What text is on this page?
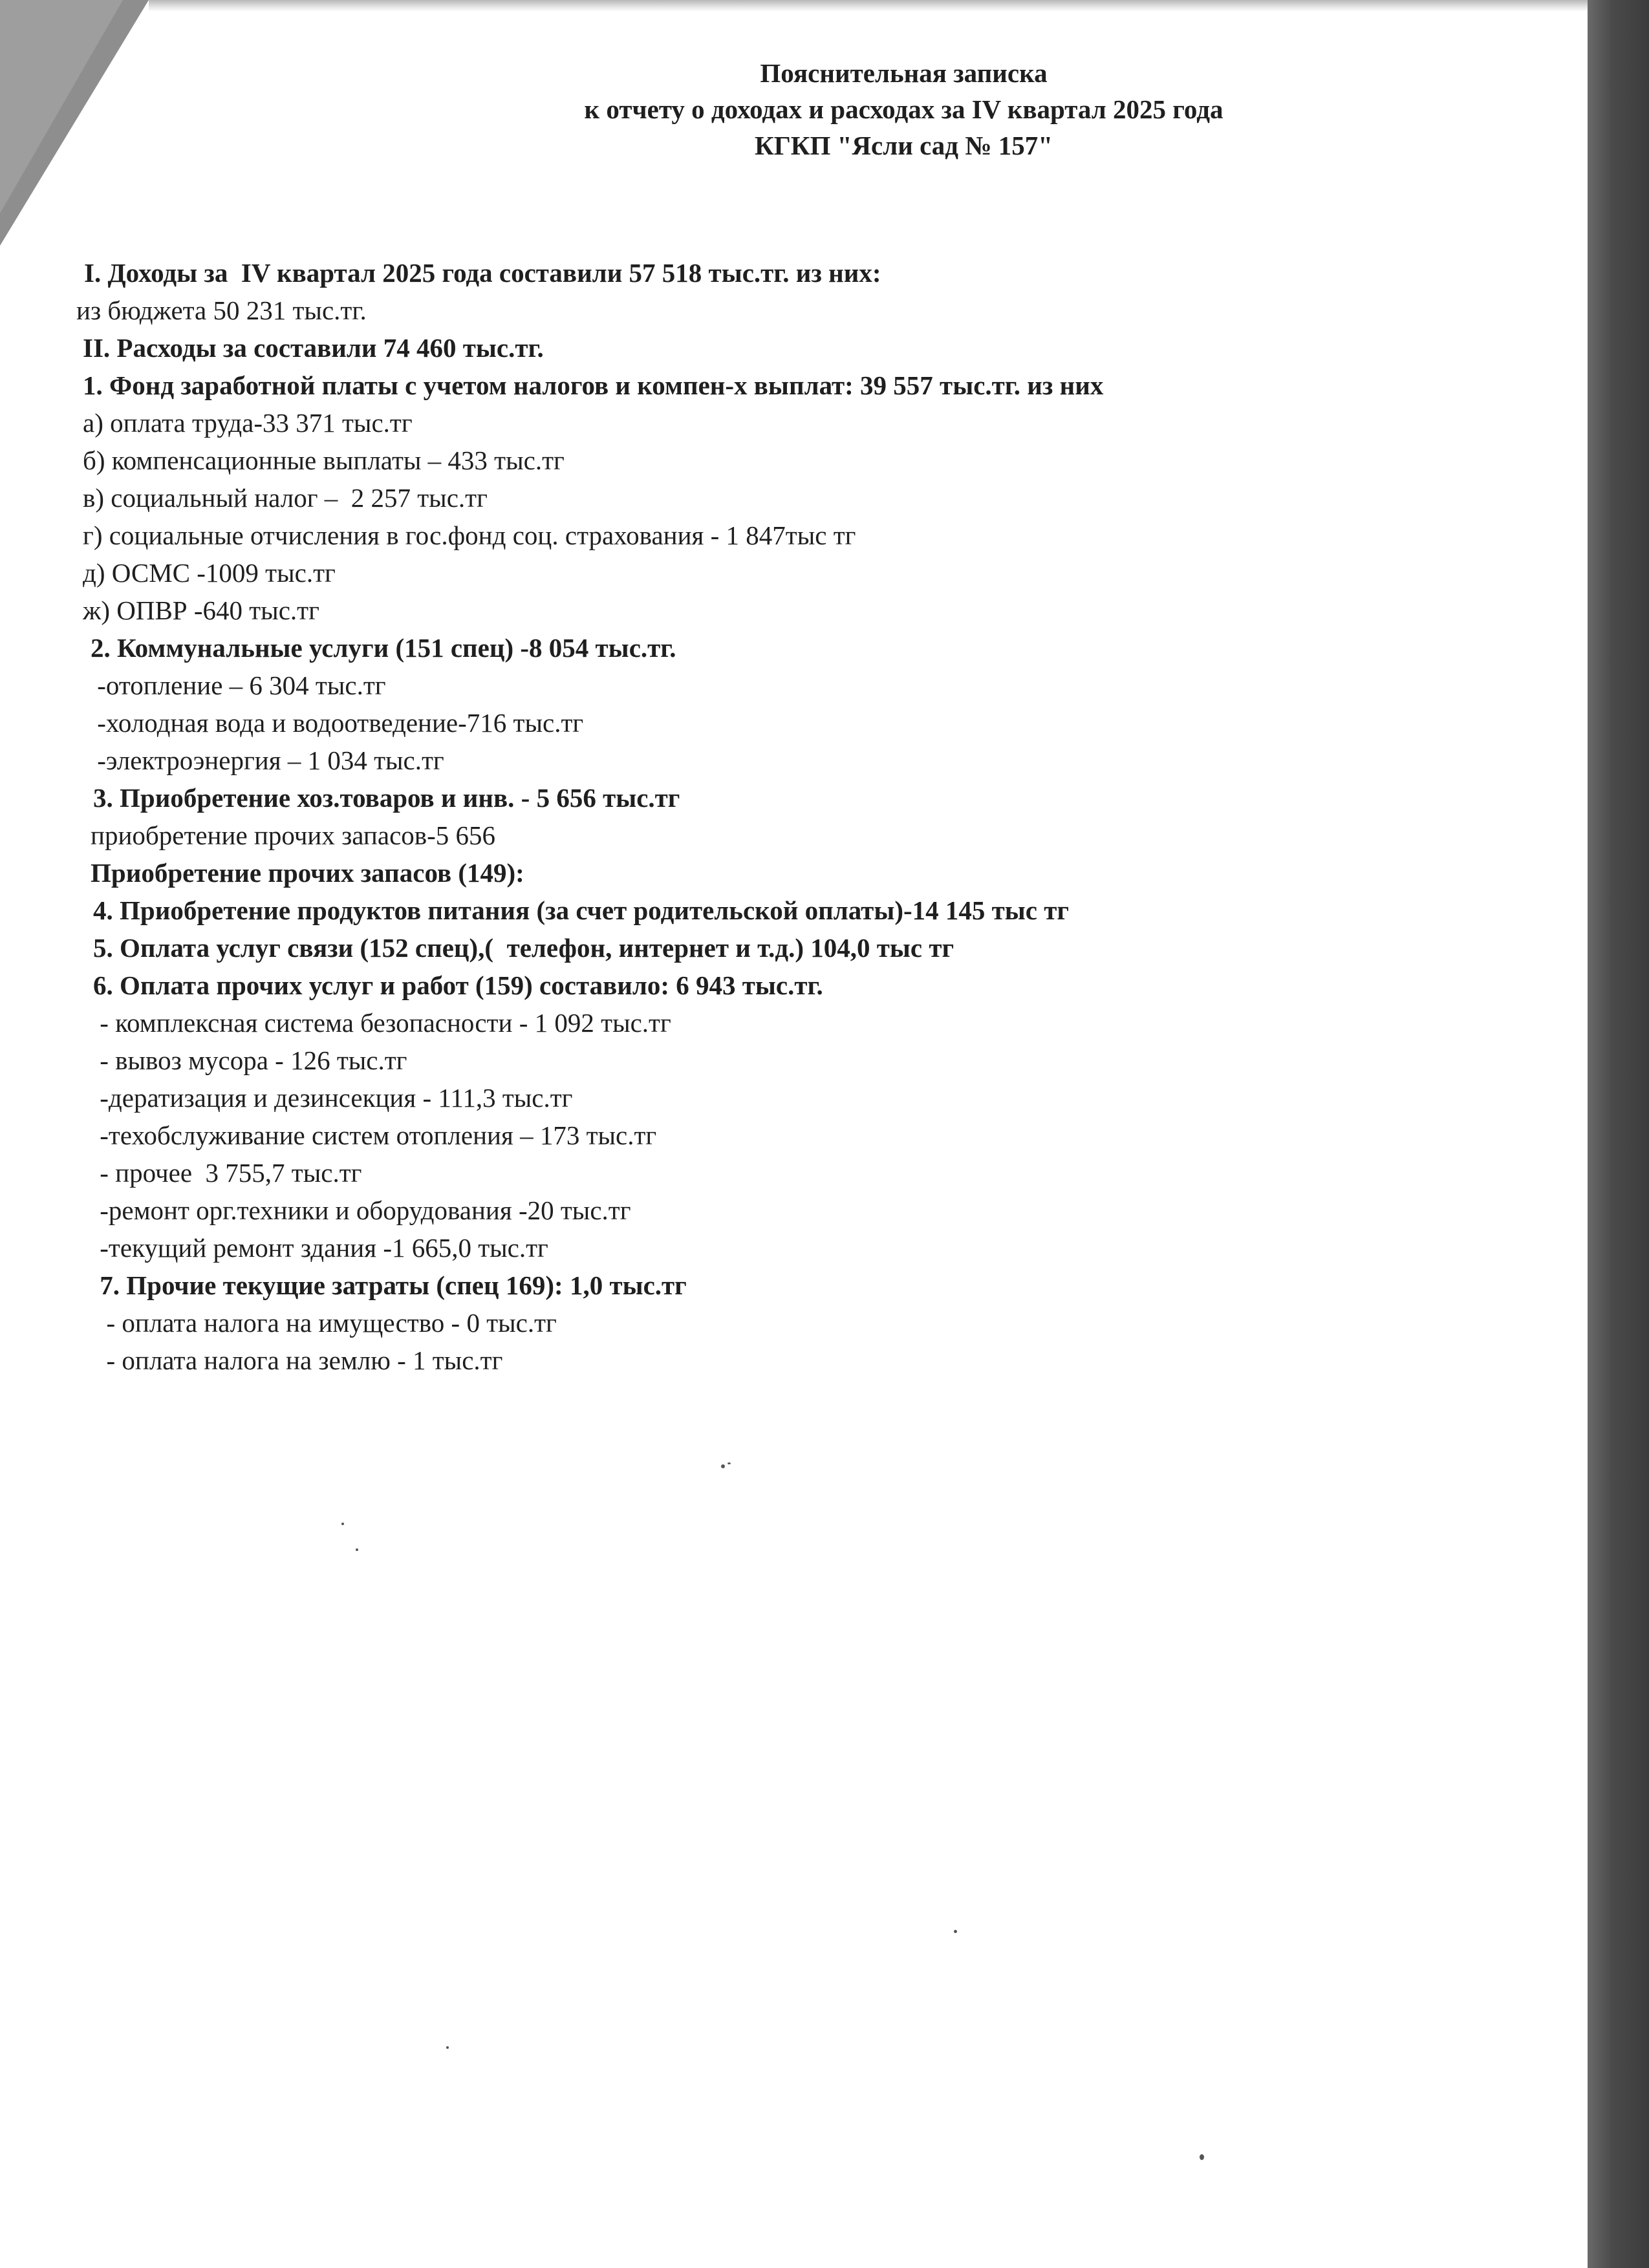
Пояснительная записка
к отчету о доходах и расходах за IV квартал 2025 года
КГКП "Ясли сад № 157"
I. Доходы за  IV квартал 2025 года составили 57 518 тыс.тг. из них:
из бюджета 50 231 тыс.тг.
II. Расходы за составили 74 460 тыс.тг.
1. Фонд заработной платы с учетом налогов и компен-х выплат: 39 557 тыс.тг. из них
а) оплата труда-33 371 тыс.тг
б) компенсационные выплаты – 433 тыс.тг
в) социальный налог –  2 257 тыс.тг
г) социальные отчисления в гос.фонд соц. страхования - 1 847тыс тг
д) ОСМС -1009 тыс.тг
ж) ОПВР -640 тыс.тг
2. Коммунальные услуги (151 спец) -8 054 тыс.тг.
-отопление – 6 304 тыс.тг
-холодная вода и водоотведение-716 тыс.тг
-электроэнергия – 1 034 тыс.тг
3. Приобретение хоз.товаров и инв. - 5 656 тыс.тг
приобретение прочих запасов-5 656
Приобретение прочих запасов (149):
4. Приобретение продуктов питания (за счет родительской оплаты)-14 145 тыс тг
5. Оплата услуг связи (152 спец),(  телефон, интернет и т.д.) 104,0 тыс тг
6. Оплата прочих услуг и работ (159) составило: 6 943 тыс.тг.
- комплексная система безопасности - 1 092 тыс.тг
- вывоз мусора - 126 тыс.тг
-дератизация и дезинсекция - 111,3 тыс.тг
-техобслуживание систем отопления – 173 тыс.тг
- прочее  3 755,7 тыс.тг
-ремонт орг.техники и оборудования -20 тыс.тг
-текущий ремонт здания -1 665,0 тыс.тг
7. Прочие текущие затраты (спец 169): 1,0 тыс.тг
- оплата налога на имущество - 0 тыс.тг
- оплата налога на землю - 1 тыс.тг
